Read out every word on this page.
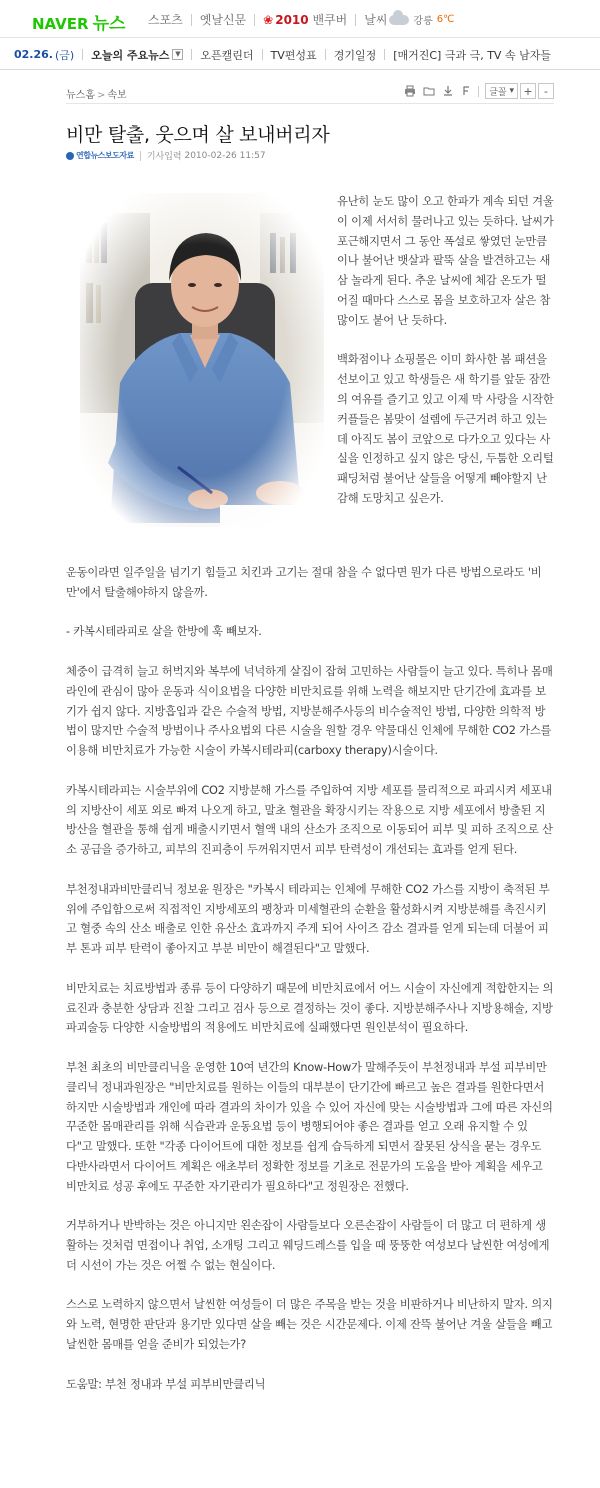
NAVER 뉴스 스포츠 옛날신문 ❀ 2010 밴쿠버 날씨	강릉 6℃
02.26. (금) 오늘의 주요뉴스 ▼ 오픈캘린더 TV편성표 경기일정 [매거진C] 극과 극, TV 속 남자들
뉴스홈 > 속보	글꼴 ▾ +	-
비만 탈출, 웃으며 살 보내버리자
연합뉴스보도자료 기사입력
2010-02-26 11:57

유난히 눈도 많이 오고 한파가 계속 되던 겨울이 이제 서서히 물러나고 있는 듯하다. 날씨가 포근해지면서 그 동안 폭설로 쌓였던 눈만큼이나 불어난 뱃살과 팔뚝 살을 발견하고는 새삼 놀라게 된다. 추운 날씨에 체감 온도가 떨어질 때마다 스스로 몸을 보호하고자 살은 참 많이도 붙어 난 듯하다.

백화점이나 쇼핑몰은 이미 화사한 봄 패션을 선보이고 있고 학생들은 새 학기를 앞둔 잠깐의 여유를 즐기고 있고 이제 막 사랑을 시작한 커플들은 봄맞이 설렘에 두근거려 하고 있는데 아직도 봄이 코앞으로 다가오고 있다는 사실을 인정하고 싶지 않은 당신, 두툼한 오리털 패딩처럼 불어난 살들을 어떻게 빼야할지 난감해 도망치고 싶은가.

운동이라면 일주일을 넘기기 힘들고 치킨과 고기는 절대 참을 수 없다면 뭔가 다른 방법으로라도 '비만'에서 탈출해야하지 않을까.

- 카복시테라피로 살을 한방에 훅 빼보자.

체중이 급격히 늘고 허벅지와 복부에 넉넉하게 살집이 잡혀 고민하는 사람들이 늘고 있다. 특히나 몸매라인에 관심이 많아 운동과 식이요법을 다양한 비만치료를 위해 노력을 해보지만 단기간에 효과를 보기가 쉽지 않다. 지방흡입과 같은 수술적 방법, 지방분해주사등의 비수술적인 방법, 다양한 의학적 방법이 많지만 수술적 방법이나 주사요법외 다른 시술을 원할 경우 약물대신 인체에 무해한 CO2 가스를 이용해 비만치료가 가능한 시술이 카복시테라피(carboxy therapy)시술이다.

카복시테라피는 시술부위에 CO2 지방분해 가스를 주입하여 지방 세포를 물리적으로 파괴시켜 세포내의 지방산이 세포 외로 빠져 나오게 하고, 말초 혈관을 확장시키는 작용으로 지방 세포에서 방출된 지방산을 혈관을 통해 쉽게 배출시키면서 혈액 내의 산소가 조직으로 이동되어 피부 및 피하 조직으로 산소 공급을 증가하고, 피부의 진피층이 두꺼워지면서 피부 탄력성이 개선되는 효과를 얻게 된다.

부천정내과비만클리닉 정보윤 원장은 "카복시 테라피는 인체에 무해한 CO2 가스를 지방이 축적된 부위에 주입함으로써 직접적인 지방세포의 팽창과 미세혈관의 순환을 활성화시켜 지방분해를 촉진시키고 혈중 속의 산소 배출로 인한 유산소 효과까지 주게 되어 사이즈 감소 결과를 얻게 되는데 더불어 피부 톤과 피부 탄력이 좋아지고 부분 비만이 해결된다"고 말했다.

비만치료는 치료방법과 종류 등이 다양하기 때문에 비만치료에서 어느 시술이 자신에게 적합한지는 의료진과 충분한 상담과 진찰 그리고 검사 등으로 결정하는 것이 좋다. 지방분해주사나 지방용해술, 지방파괴술등 다양한 시술방법의 적용에도 비만치료에 실패했다면 원인분석이 필요하다.

부천 최초의 비만클리닉을 운영한 10여 년간의 Know-How가 말해주듯이 부천정내과 부설 피부비만클리닉 정내과원장은 "비만치료를 원하는 이들의 대부분이 단기간에 빠르고 높은 결과를 원한다면서 하지만 시술방법과 개인에 따라 결과의 차이가 있을 수 있어 자신에 맞는 시술방법과 그에 따른 자신의 꾸준한 몸매관리를 위해 식습관과 운동요법 등이 병행되어야 좋은 결과를 얻고 오래 유지할 수 있다"고 말했다. 또한 "각종 다이어트에 대한 정보를 쉽게 습득하게 되면서 잘못된 상식을 묻는 경우도 다반사라면서 다이어트 계획은 애초부터 정확한 정보를 기초로 전문가의 도움을 받아 계획을 세우고 비만치료 성공 후에도 꾸준한 자기관리가 필요하다"고 정원장은 전했다.

거부하거나 반박하는 것은 아니지만 왼손잡이 사람들보다 오른손잡이 사람들이 더 많고 더 편하게 생활하는 것처럼 면접이나 취업, 소개팅 그리고 웨딩드레스를 입을 때 뚱뚱한 여성보다 날씬한 여성에게 더 시선이 가는 것은 어쩔 수 없는 현실이다.

스스로 노력하지 않으면서 날씬한 여성들이 더 많은 주목을 받는 것을 비판하거나 비난하지 말자. 의지와 노력, 현명한 판단과 용기만 있다면 살을 빼는 것은 시간문제다. 이제 잔뜩 불어난 겨울 살들을 빼고 날씬한 몸매를 얻을 준비가 되었는가?

도움말: 부천 정내과 부설 피부비만클리닉
